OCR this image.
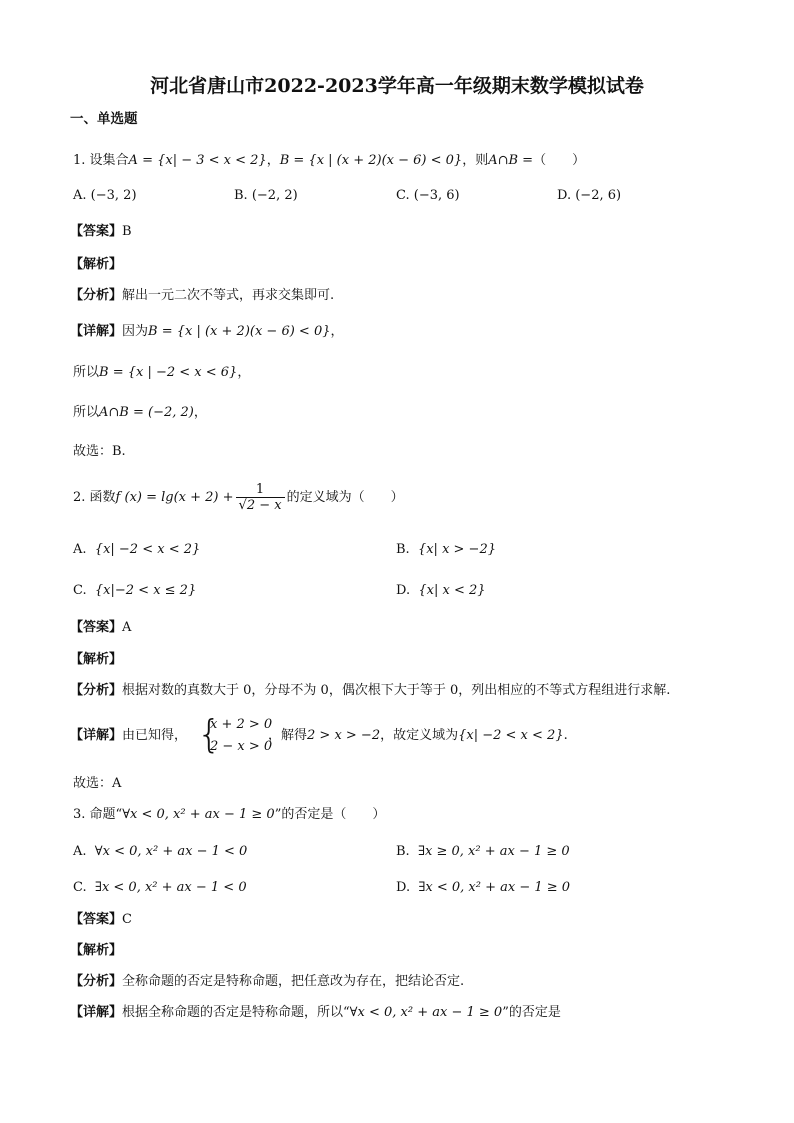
河北省唐山市2022-2023学年高一年级期末数学模拟试卷
一、单选题
1. 设集合A = {x| − 3 < x < 2}，B = {x | (x + 2)(x − 6) < 0}，则A∩B =（　　）
A. (−3, 2)	B. (−2, 2)	C. (−3, 6)	D. (−2, 6)
【答案】B
【解析】
【分析】解出一元二次不等式，再求交集即可.
【详解】因为B = {x | (x + 2)(x − 6) < 0}，
所以B = {x | −2 < x < 6}，
所以A∩B = (−2, 2)，
故选：B.
2. 函数f $(x) = \lg(x + 2) + \frac{1}{√2 - x}$ 的定义域为（　　）
A. {x| −2 < x < 2}	B. {x| x > −2}
C. {x|−2 < x ≤ 2}	D. {x| x < 2}
【答案】A
【解析】
【分析】根据对数的真数大于 0，分母不为 0，偶次根下大于等于 0，列出相应的不等式方程组进行求解.
【详解】由已知得， {
x + 2 > 0
2 − x > 0
，解得2 > x > −2，故定义域为{x| −2 < x < 2}.
故选：A
3. 命题“∀x < 0, x² + ax − 1 ≥ 0”的否定是（　　）
A. ∀x < 0, x² + ax − 1 < 0	B. ∃x ≥ 0, x² + ax − 1 ≥ 0
C. ∃x < 0, x² + ax − 1 < 0	D. ∃x < 0, x² + ax − 1 ≥ 0
【答案】C
【解析】
【分析】全称命题的否定是特称命题，把任意改为存在，把结论否定.
【详解】根据全称命题的否定是特称命题，所以“∀x < 0, x² + ax − 1 ≥ 0”的否定是
